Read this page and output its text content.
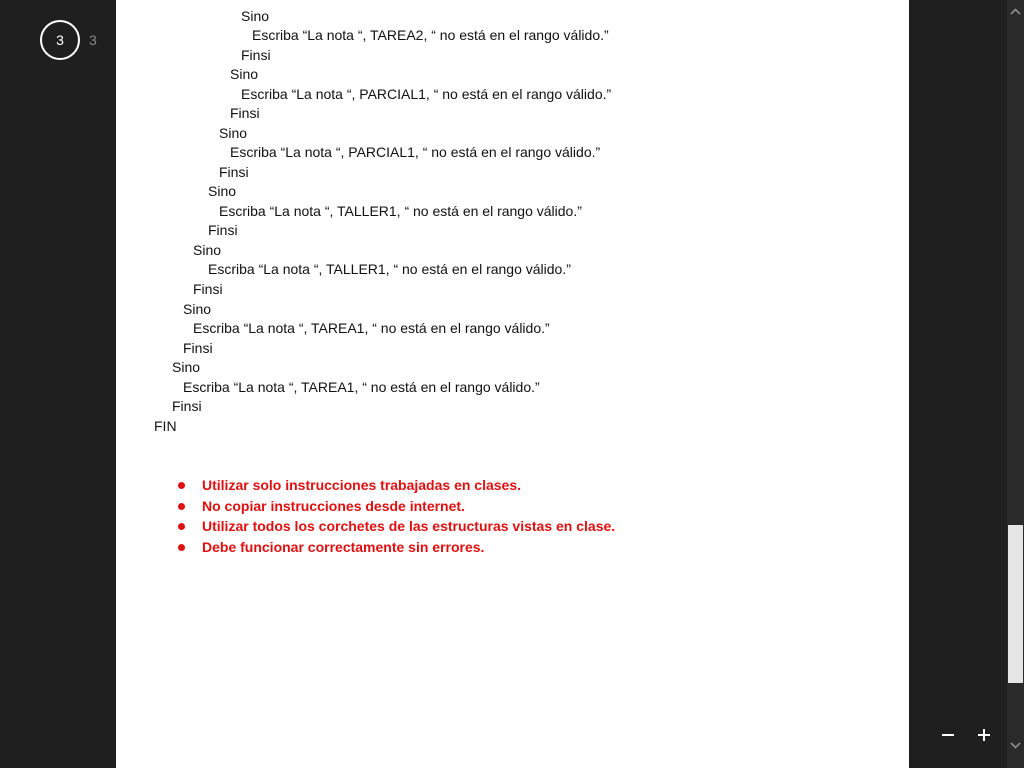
3 3
Sino
Escriba “La nota “, TAREA2, “ no está en el rango válido.”
Finsi
Sino
Escriba “La nota “, PARCIAL1, “ no está en el rango válido.”
Finsi
Sino
Escriba “La nota “, PARCIAL1, “ no está en el rango válido.”
Finsi
Sino
Escriba “La nota “, TALLER1, “ no está en el rango válido.”
Finsi
Sino
Escriba “La nota “, TALLER1, “ no está en el rango válido.”
Finsi
Sino
Escriba “La nota “, TAREA1, “ no está en el rango válido.”
Finsi
Sino
Escriba “La nota “, TAREA1, “ no está en el rango válido.”
Finsi
FIN
Utilizar solo instrucciones trabajadas en clases.
No copiar instrucciones desde internet.
Utilizar todos los corchetes de las estructuras vistas en clase.
Debe funcionar correctamente sin errores.
